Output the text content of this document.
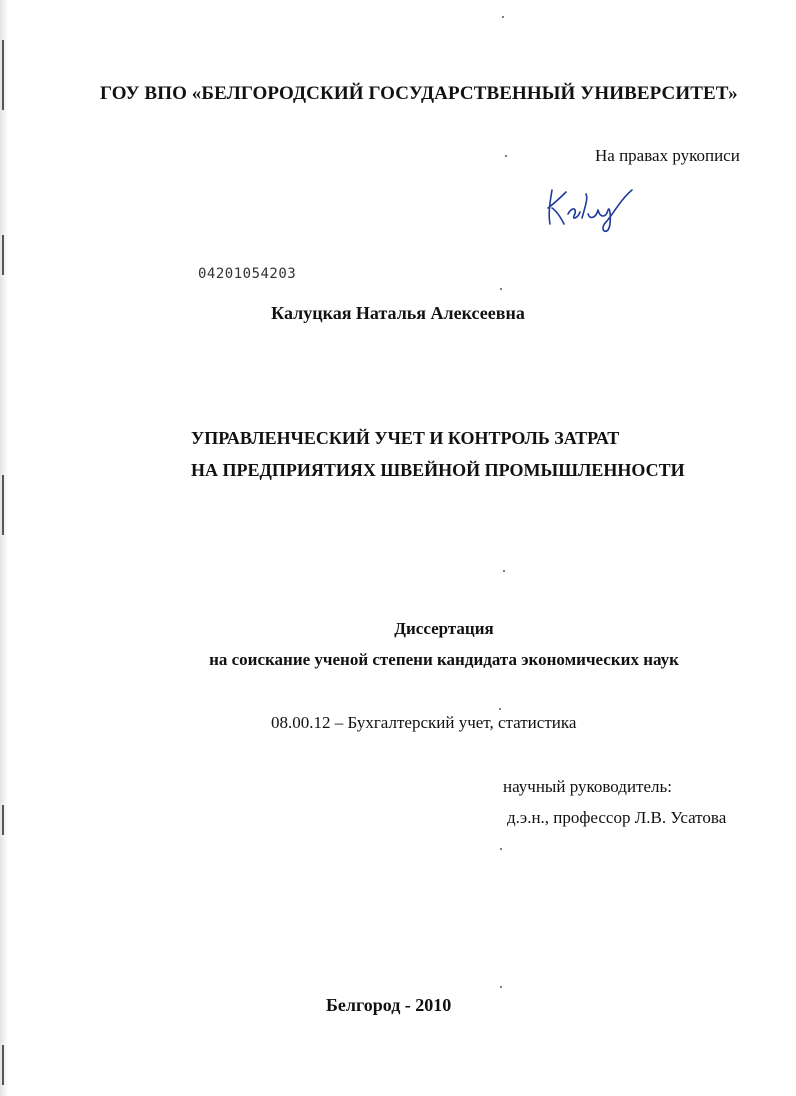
ГОУ ВПО «БЕЛГОРОДСКИЙ ГОСУДАРСТВЕННЫЙ УНИВЕРСИТЕТ»
На правах рукописи
04201054203
Калуцкая Наталья Алексеевна
УПРАВЛЕНЧЕСКИЙ УЧЕТ И КОНТРОЛЬ ЗАТРАТ
НА ПРЕДПРИЯТИЯХ ШВЕЙНОЙ ПРОМЫШЛЕННОСТИ
Диссертация
на соискание ученой степени кандидата экономических наук
08.00.12 – Бухгалтерский учет, статистика
научный руководитель:
д.э.н., профессор Л.В. Усатова
Белгород - 2010
